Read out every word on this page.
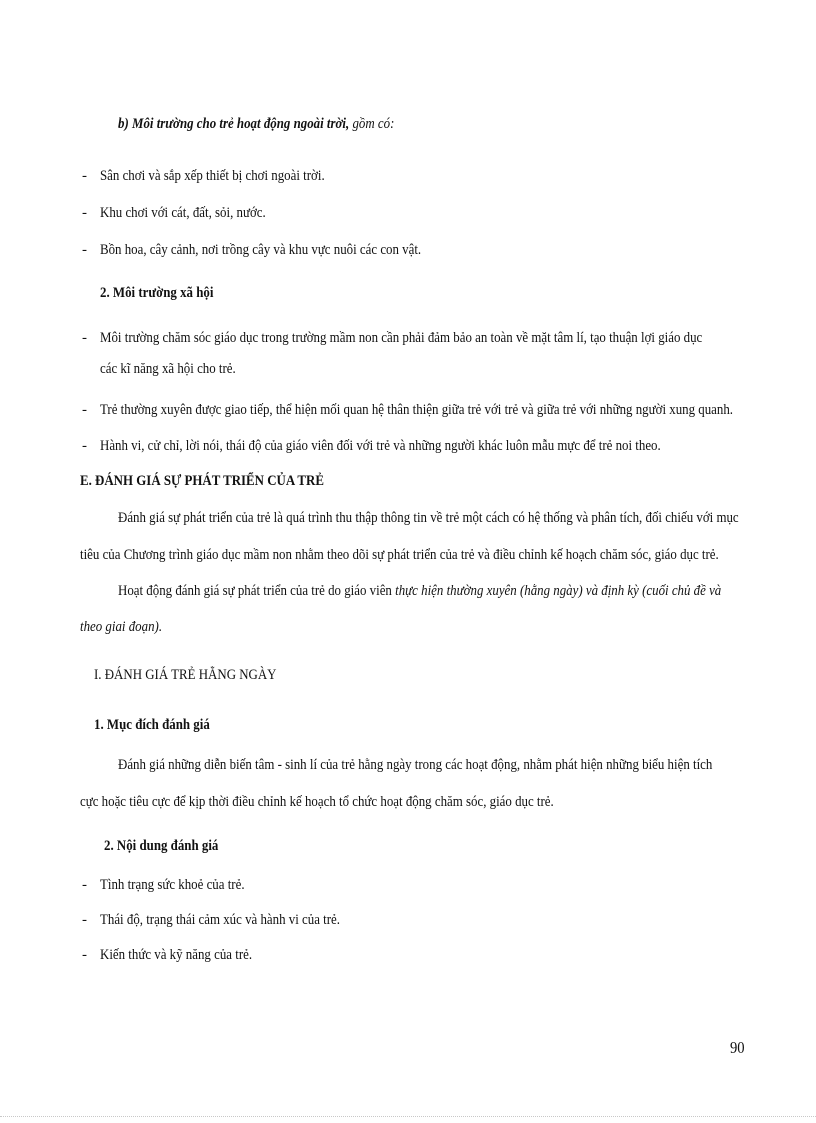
b) Môi trường cho trẻ hoạt động ngoài trời, gồm có:
- Sân chơi và sắp xếp thiết bị chơi ngoài trời.
- Khu chơi với cát, đất, sỏi, nước.
- Bồn hoa, cây cảnh, nơi trồng cây và khu vực nuôi các con vật.
2. Môi trường xã hội
- Môi trường chăm sóc giáo dục trong trường mầm non cần phải đảm bảo an toàn về mặt tâm lí, tạo thuận lợi giáo dục
các kĩ năng xã hội cho trẻ.
- Trẻ thường xuyên được giao tiếp, thể hiện mối quan hệ thân thiện giữa trẻ với trẻ và giữa trẻ với những người xung quanh.
- Hành vi, cử chỉ, lời nói, thái độ của giáo viên đối với trẻ và những người khác luôn mẫu mực để trẻ noi theo.
E. ĐÁNH GIÁ SỰ PHÁT TRIỂN CỦA TRẺ
Đánh giá sự phát triển của trẻ là quá trình thu thập thông tin về trẻ một cách có hệ thống và phân tích, đối chiếu với mục
tiêu của Chương trình giáo dục mầm non nhằm theo dõi sự phát triển của trẻ và điều chỉnh kế hoạch chăm sóc, giáo dục trẻ.
Hoạt động đánh giá sự phát triển của trẻ do giáo viên thực hiện thường xuyên (hằng ngày) và định kỳ (cuối chủ đề và
theo giai đoạn).
I. ĐÁNH GIÁ TRẺ HẰNG NGÀY
1. Mục đích đánh giá
Đánh giá những diễn biến tâm - sinh lí của trẻ hằng ngày trong các hoạt động, nhằm phát hiện những biểu hiện tích
cực hoặc tiêu cực để kịp thời điều chỉnh kế hoạch tổ chức hoạt động chăm sóc, giáo dục trẻ.
2. Nội dung đánh giá
- Tình trạng sức khoẻ của trẻ.
- Thái độ, trạng thái cảm xúc và hành vi của trẻ.
- Kiến thức và kỹ năng của trẻ.
90
